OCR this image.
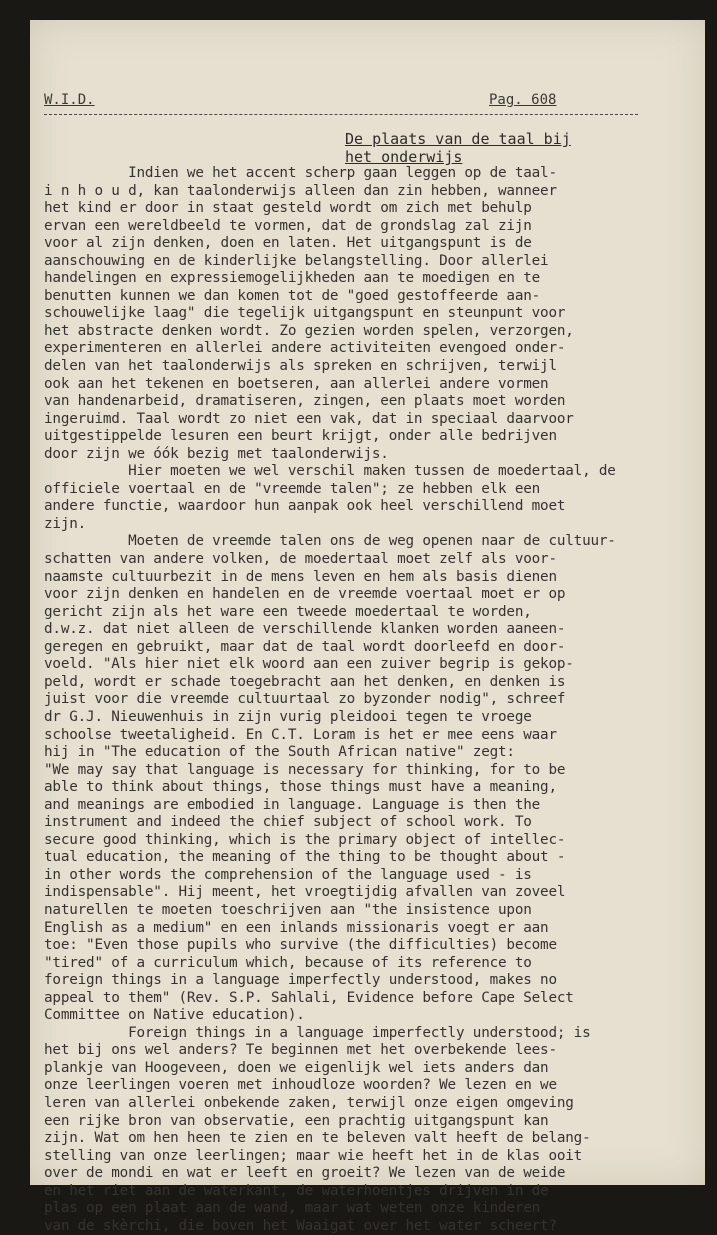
W.I.D.	Pag. 608
De plaats van de taal bij
het onderwijs
Indien we het accent scherp gaan leggen op de taal-
i n h o u d, kan taalonderwijs alleen dan zin hebben, wanneer
het kind er door in staat gesteld wordt om zich met behulp
ervan een wereldbeeld te vormen, dat de grondslag zal zijn
voor al zijn denken, doen en laten. Het uitgangspunt is de
aanschouwing en de kinderlijke belangstelling. Door allerlei
handelingen en expressiemogelijkheden aan te moedigen en te
benutten kunnen we dan komen tot de "goed gestoffeerde aan-
schouwelijke laag" die tegelijk uitgangspunt en steunpunt voor
het abstracte denken wordt. Zo gezien worden spelen, verzorgen,
experimenteren en allerlei andere activiteiten evengoed onder-
delen van het taalonderwijs als spreken en schrijven, terwijl
ook aan het tekenen en boetseren, aan allerlei andere vormen
van handenarbeid, dramatiseren, zingen, een plaats moet worden
ingeruimd. Taal wordt zo niet een vak, dat in speciaal daarvoor
uitgestippelde lesuren een beurt krijgt, onder alle bedrijven
door zijn we óók bezig met taalonderwijs.
Hier moeten we wel verschil maken tussen de moedertaal, de
officiele voertaal en de "vreemde talen"; ze hebben elk een
andere functie, waardoor hun aanpak ook heel verschillend moet
zijn.
Moeten de vreemde talen ons de weg openen naar de cultuur-
schatten van andere volken, de moedertaal moet zelf als voor-
naamste cultuurbezit in de mens leven en hem als basis dienen
voor zijn denken en handelen en de vreemde voertaal moet er op
gericht zijn als het ware een tweede moedertaal te worden,
d.w.z. dat niet alleen de verschillende klanken worden aaneen-
geregen en gebruikt, maar dat de taal wordt doorleefd en door-
voeld. "Als hier niet elk woord aan een zuiver begrip is gekop-
peld, wordt er schade toegebracht aan het denken, en denken is
juist voor die vreemde cultuurtaal zo byzonder nodig", schreef
dr G.J. Nieuwenhuis in zijn vurig pleidooi tegen te vroege
schoolse tweetaligheid. En C.T. Loram is het er mee eens waar
hij in "The education of the South African native" zegt:
"We may say that language is necessary for thinking, for to be
able to think about things, those things must have a meaning,
and meanings are embodied in language. Language is then the
instrument and indeed the chief subject of school work. To
secure good thinking, which is the primary object of intellec-
tual education, the meaning of the thing to be thought about -
in other words the comprehension of the language used - is
indispensable". Hij meent, het vroegtijdig afvallen van zoveel
naturellen te moeten toeschrijven aan "the insistence upon
English as a medium" en een inlands missionaris voegt er aan
toe: "Even those pupils who survive (the difficulties) become
"tired" of a curriculum which, because of its reference to
foreign things in a language imperfectly understood, makes no
appeal to them" (Rev. S.P. Sahlali, Evidence before Cape Select
Committee on Native education).
Foreign things in a language imperfectly understood; is
het bij ons wel anders? Te beginnen met het overbekende lees-
plankje van Hoogeveen, doen we eigenlijk wel iets anders dan
onze leerlingen voeren met inhoudloze woorden? We lezen en we
leren van allerlei onbekende zaken, terwijl onze eigen omgeving
een rijke bron van observatie, een prachtig uitgangspunt kan
zijn. Wat om hen heen te zien en te beleven valt heeft de belang-
stelling van onze leerlingen; maar wie heeft het in de klas ooit
over de mondi en wat er leeft en groeit? We lezen van de weide
en het riet aan de waterkant, de waterhoentjes drijven in de
plas op een plaat aan de wand, maar wat weten onze kinderen
van de skèrchi, die boven het Waaigat over het water scheert?
